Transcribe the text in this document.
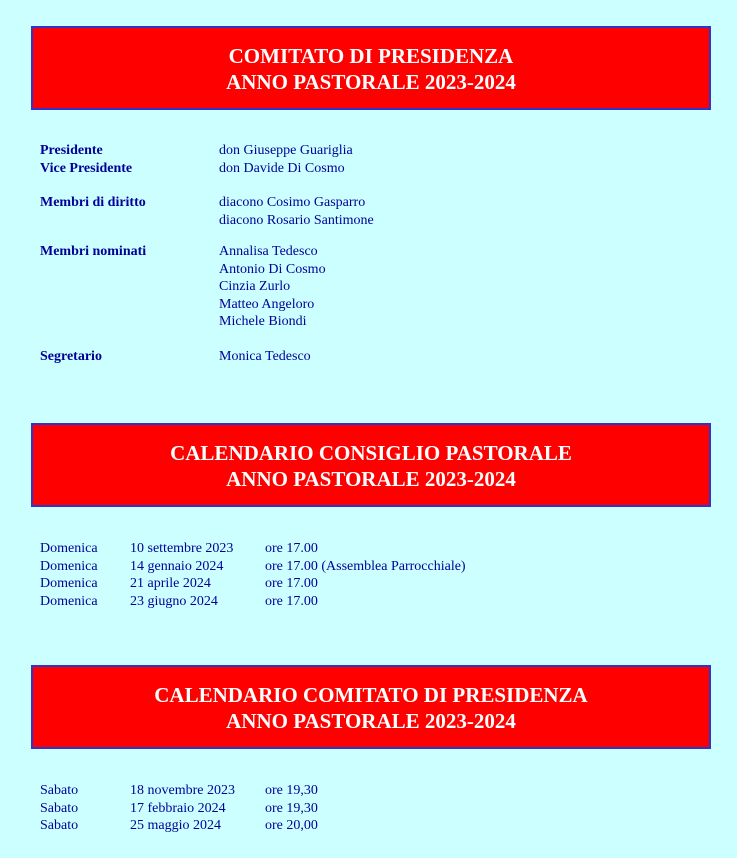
COMITATO DI PRESIDENZA
ANNO PASTORALE 2023-2024
Presidente	don Giuseppe Guariglia
Vice Presidente	don Davide Di Cosmo
Membri di diritto	diacono Cosimo Gasparro
diacono Rosario Santimone
Membri nominati	Annalisa Tedesco
Antonio Di Cosmo
Cinzia Zurlo
Matteo Angeloro
Michele Biondi
Segretario	Monica Tedesco
CALENDARIO CONSIGLIO PASTORALE
ANNO PASTORALE 2023-2024
Domenica 10 settembre 2023 ore 17.00
Domenica 14 gennaio 2024	ore 17.00 (Assemblea Parrocchiale)
Domenica 21 aprile 2024	ore 17.00
Domenica 23 giugno 2024	ore 17.00
CALENDARIO COMITATO DI PRESIDENZA
ANNO PASTORALE 2023-2024
Sabato	18 novembre 2023 ore 19,30
Sabato	17 febbraio 2024	ore 19,30
Sabato	25 maggio 2024	ore 20,00
